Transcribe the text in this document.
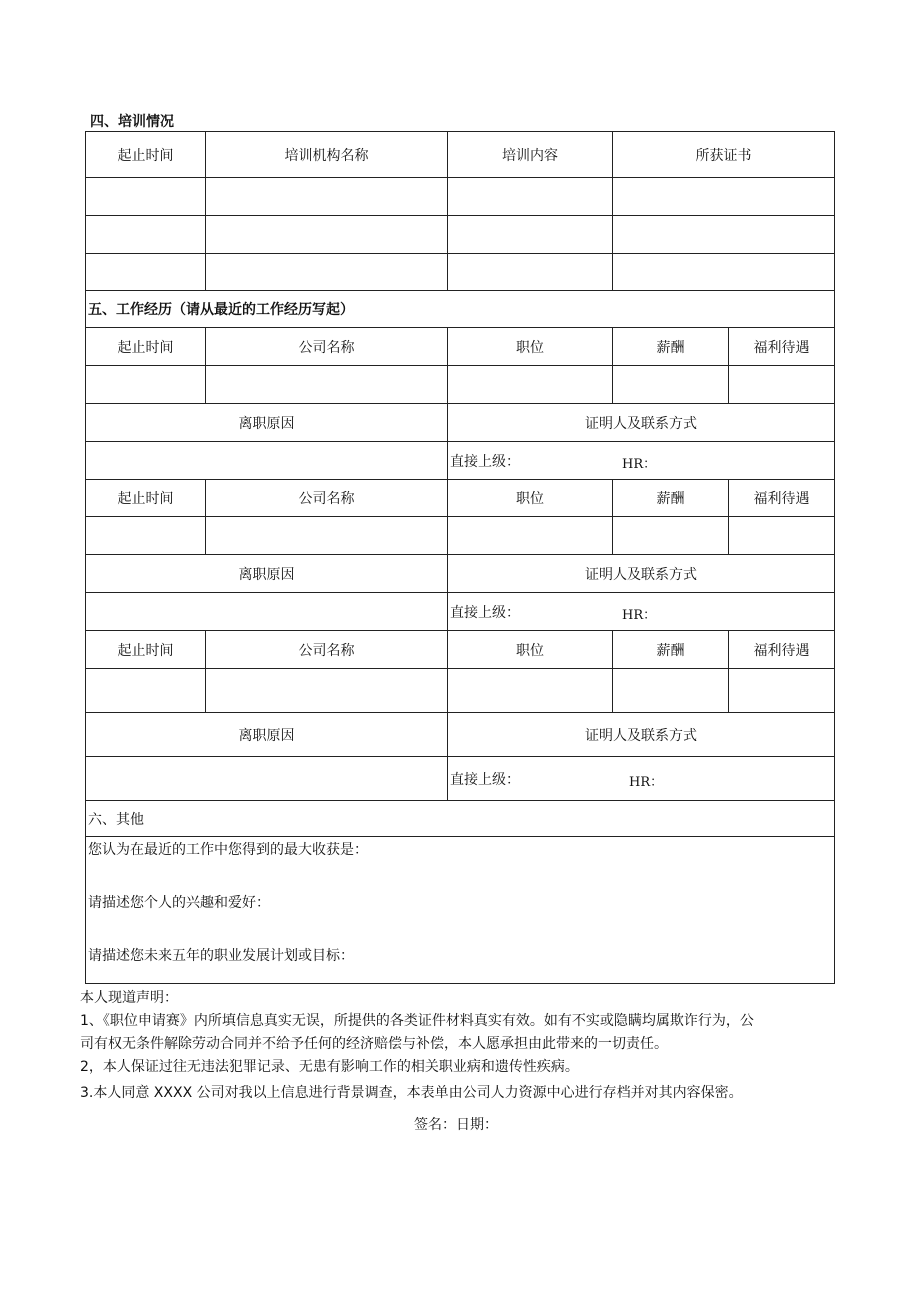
四、培训情况
起止时间	培训机构名称	培训内容	所获证书

五、工作经历（请从最近的工作经历写起）				
起止时间	公司名称	职位	薪酬	福利待遇

离职原因		证明人及联系方式		
		直接上级： HR：		

起止时间	公司名称	职位	薪酬	福利待遇

离职原因		证明人及联系方式		
		直接上级： HR：		

起止时间	公司名称	职位	薪酬	福利待遇

离职原因		证明人及联系方式		
		直接上级： HR：		

六、其他				

您认为在最近的工作中您得到的最大收获是：
请描述您个人的兴趣和爱好：
请描述您未来五年的职业发展计划或目标：				
本人现道声明：
1、《职位申请赛》内所填信息真实无误，所提供的各类证件材料真实有效。如有不实或隐瞒均属欺诈行为，公
司有权无条件解除劳动合同并不给予任何的经济赔偿与补偿，本人愿承担由此带来的一切责任。
2，本人保证过往无违法犯罪记录、无患有影响工作的相关职业病和遗传性疾病。
3.本人同意 XXXX 公司对我以上信息进行背景调查，本表单由公司人力资源中心进行存档并对其内容保密。
签名：日期：
